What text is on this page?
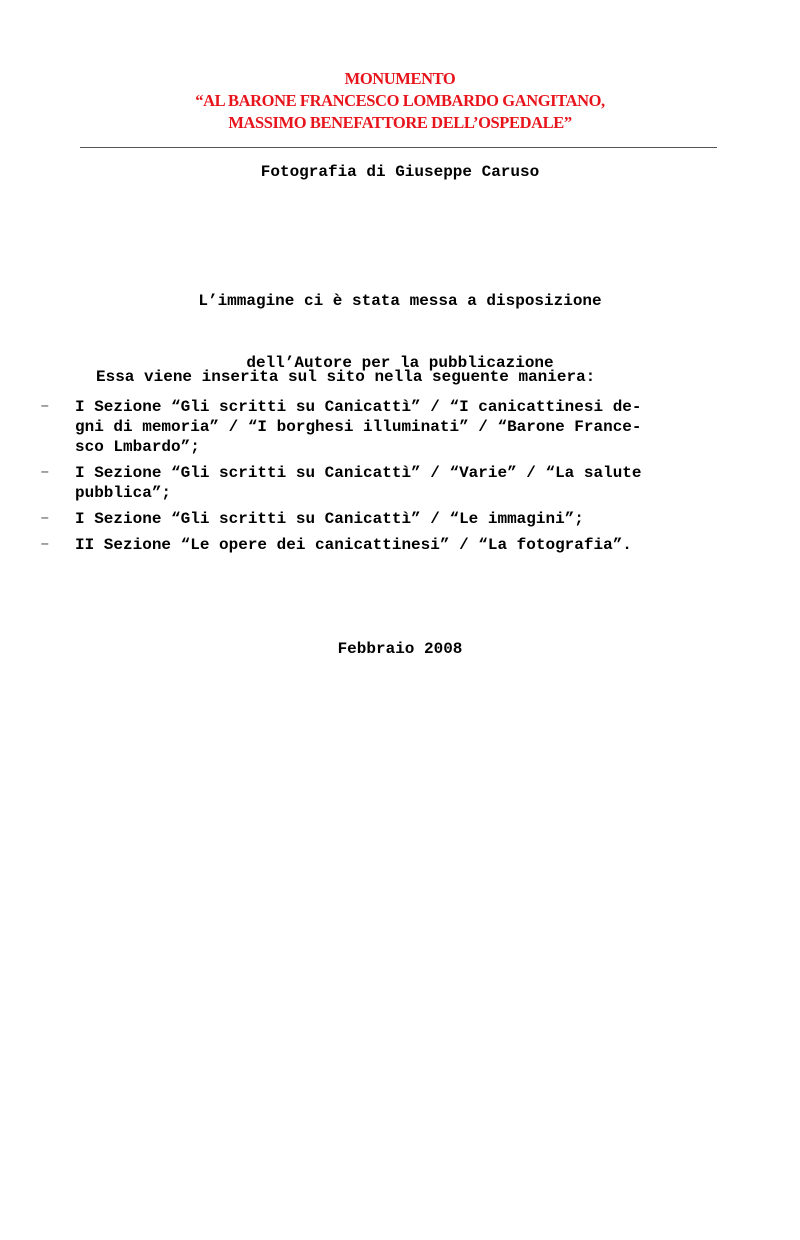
MONUMENTO
“AL BARONE FRANCESCO LOMBARDO GANGITANO,
MASSIMO BENEFATTORE DELL’OSPEDALE”
Fotografia di Giuseppe Caruso

L’immagine ci è stata messa a disposizione

dell’Autore per la pubblicazione

Essa viene inserita sul sito nella seguente maniera:
– I Sezione “Gli scritti su Canicattì” / “I canicattinesi de-
gni di memoria” / “I borghesi illuminati” / “Barone France-
sco Lmbardo”;
– I Sezione “Gli scritti su Canicattì” / “Varie” / “La salute
pubblica”;
– I Sezione “Gli scritti su Canicattì” / “Le immagini”;
– II Sezione “Le opere dei canicattinesi” / “La fotografia”.
Febbraio 2008
